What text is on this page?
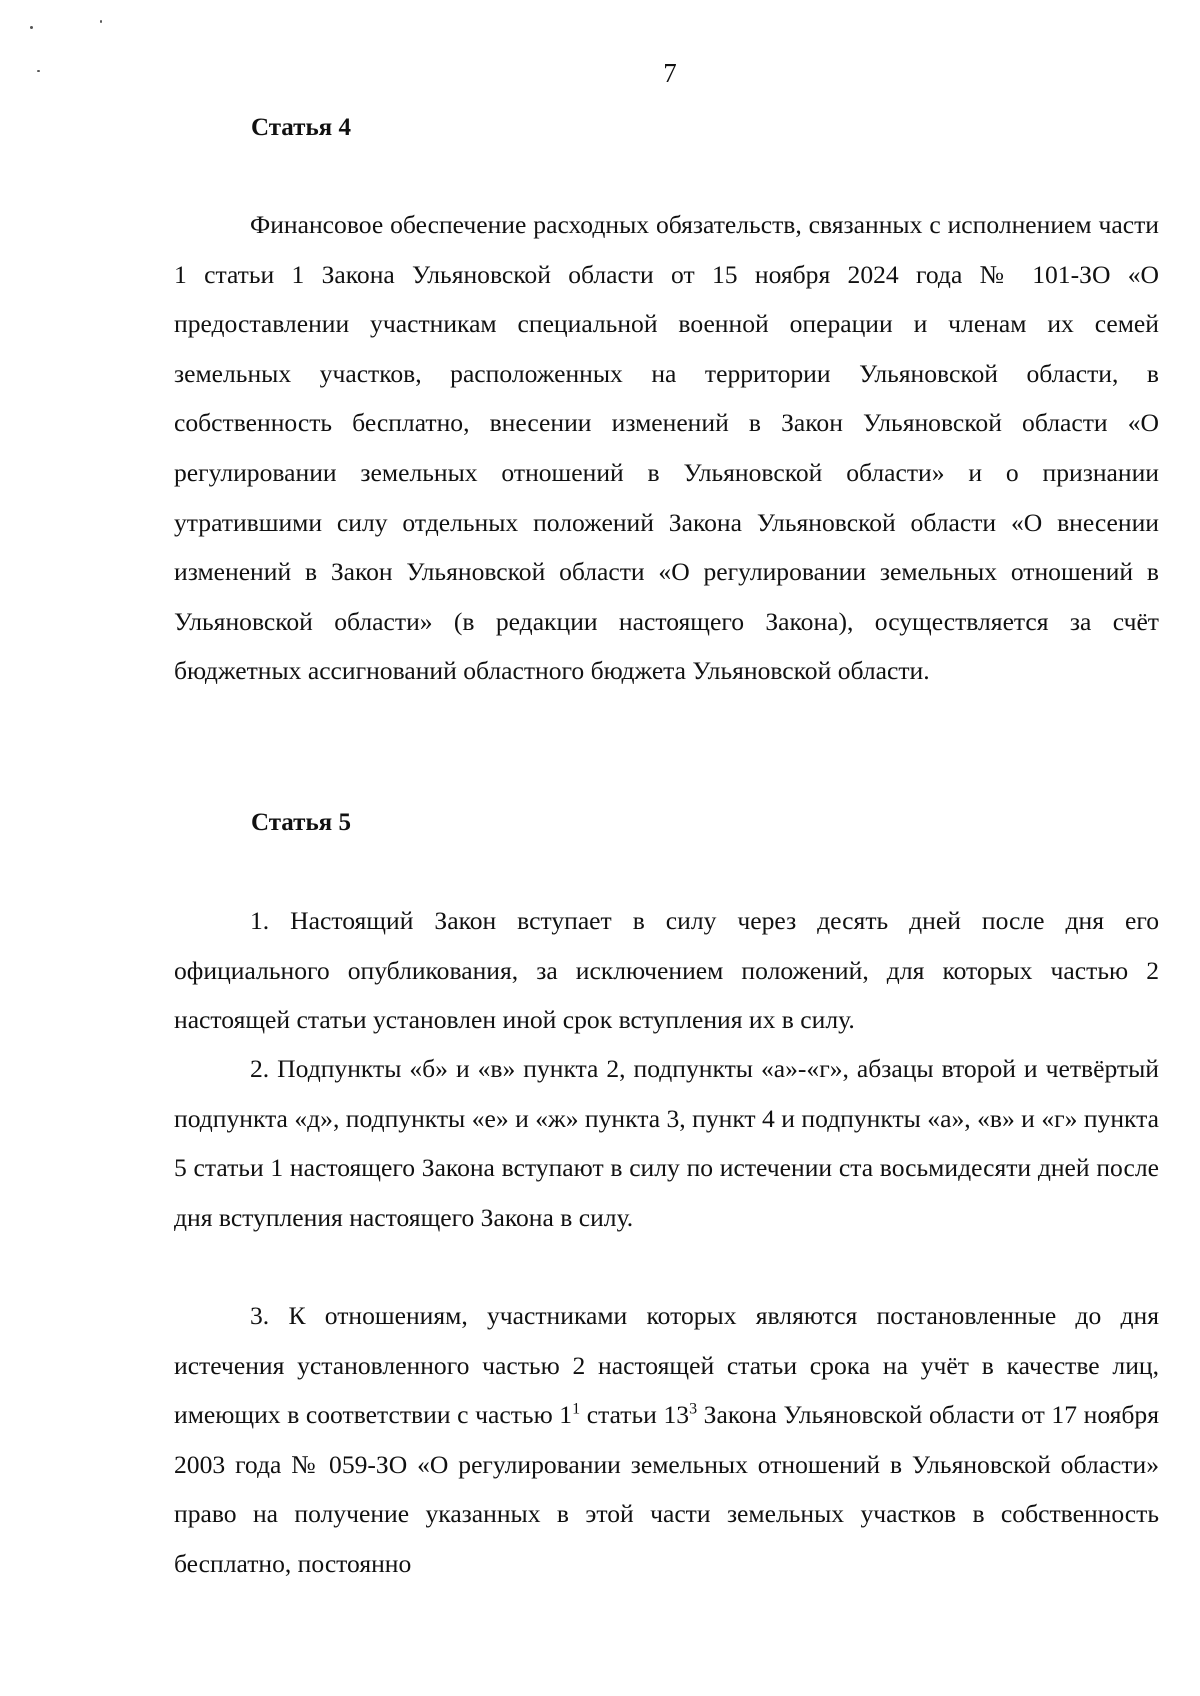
7
Статья 4

Финансовое обеспечение расходных обязательств, связанных с исполнением части 1 статьи 1 Закона Ульяновской области от 15 ноября 2024 года № 101-ЗО «О предоставлении участникам специальной военной операции и членам их семей земельных участков, расположенных на территории Ульяновской области, в собственность бесплатно, внесении изменений в Закон Ульяновской области «О регулировании земельных отношений в Ульяновской области» и о признании утратившими силу отдельных положений Закона Ульяновской области «О внесении изменений в Закон Ульяновской области «О регулировании земельных отношений в Ульяновской области» (в редакции настоящего Закона), осуществляется за счёт бюджетных ассигнований областного бюджета Ульяновской области.

Статья 5

1. Настоящий Закон вступает в силу через десять дней после дня его официального опубликования, за исключением положений, для которых частью 2 настоящей статьи установлен иной срок вступления их в силу.

2. Подпункты «б» и «в» пункта 2, подпункты «а»-«г», абзацы второй и четвёртый подпункта «д», подпункты «е» и «ж» пункта 3, пункт 4 и подпункты «а», «в» и «г» пункта 5 статьи 1 настоящего Закона вступают в силу по истечении ста восьмидесяти дней после дня вступления настоящего Закона в силу.

3. К отношениям, участниками которых являются постановленные до дня истечения установленного частью 2 настоящей статьи срока на учёт в качестве лиц, имеющих в соответствии с частью $1^1$ статьи $13^3$ Закона Ульяновской области от 17 ноября 2003 года № 059-ЗО «О регулировании земельных отношений в Ульяновской области» право на получение указанных в этой части земельных участков в собственность бесплатно, постоянно
